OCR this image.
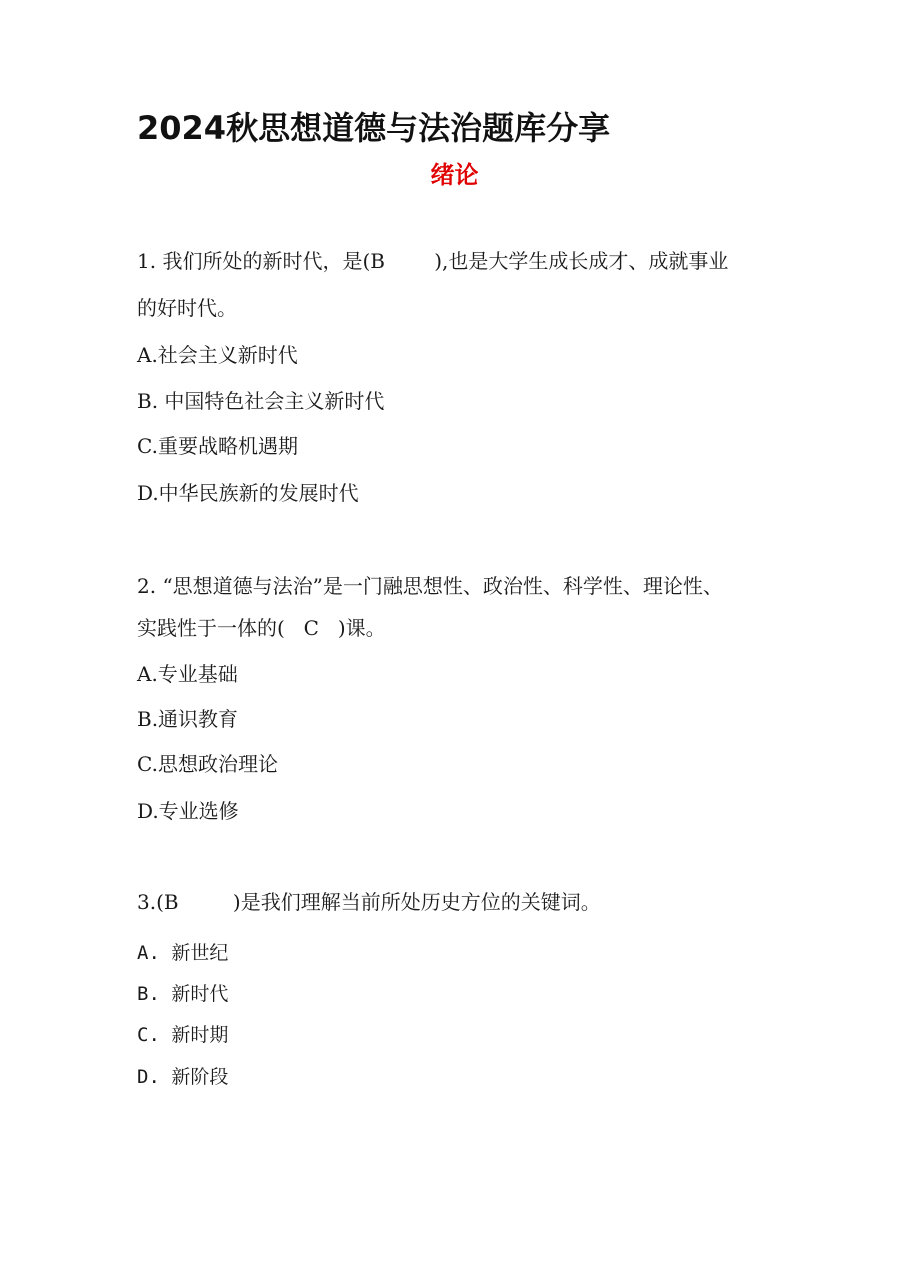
2024秋思想道德与法治题库分享
绪论
1. 我们所处的新时代，是(B ),也是大学生成长成才、成就事业
的好时代。
A.社会主义新时代
B. 中国特色社会主义新时代
C.重要战略机遇期
D.中华民族新的发展时代
2. “思想道德与法治”是一门融思想性、政治性、科学性、理论性、
实践性于一体的( C )课。
A.专业基础
B.通识教育
C.思想政治理论
D.专业选修
3.(B	)是我们理解当前所处历史方位的关键词。
A. 新世纪
B. 新时代
C. 新时期
D. 新阶段
